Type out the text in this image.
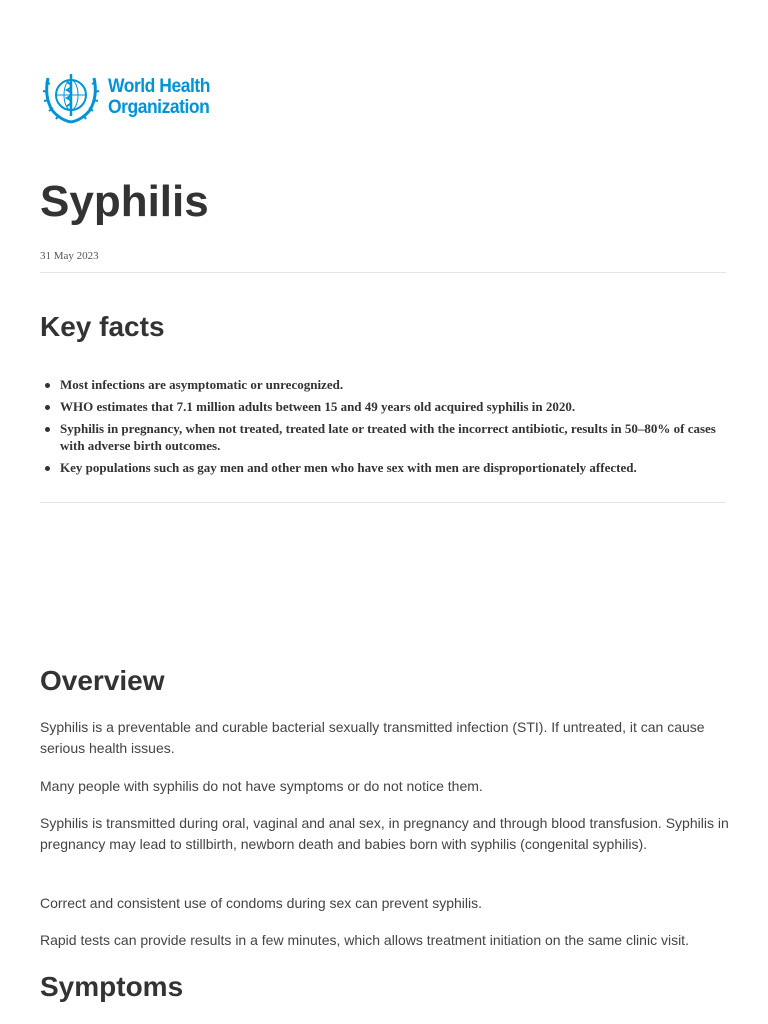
World Health
Organization
Syphilis
31 May 2023
Key facts
Most infections are asymptomatic or unrecognized.
WHO estimates that 7.1 million adults between 15 and 49 years old acquired syphilis in 2020.
Syphilis in pregnancy, when not treated, treated late or treated with the incorrect antibiotic, results in 50–80% of cases with adverse birth outcomes.
Key populations such as gay men and other men who have sex with men are disproportionately affected.
Overview

Syphilis is a preventable and curable bacterial sexually transmitted infection (STI). If untreated, it can cause serious health issues.

Many people with syphilis do not have symptoms or do not notice them.

Syphilis is transmitted during oral, vaginal and anal sex, in pregnancy and through blood transfusion. Syphilis in pregnancy may lead to stillbirth, newborn death and babies born with syphilis (congenital syphilis).

Correct and consistent use of condoms during sex can prevent syphilis.

Rapid tests can provide results in a few minutes, which allows treatment initiation on the same clinic visit.

Symptoms
